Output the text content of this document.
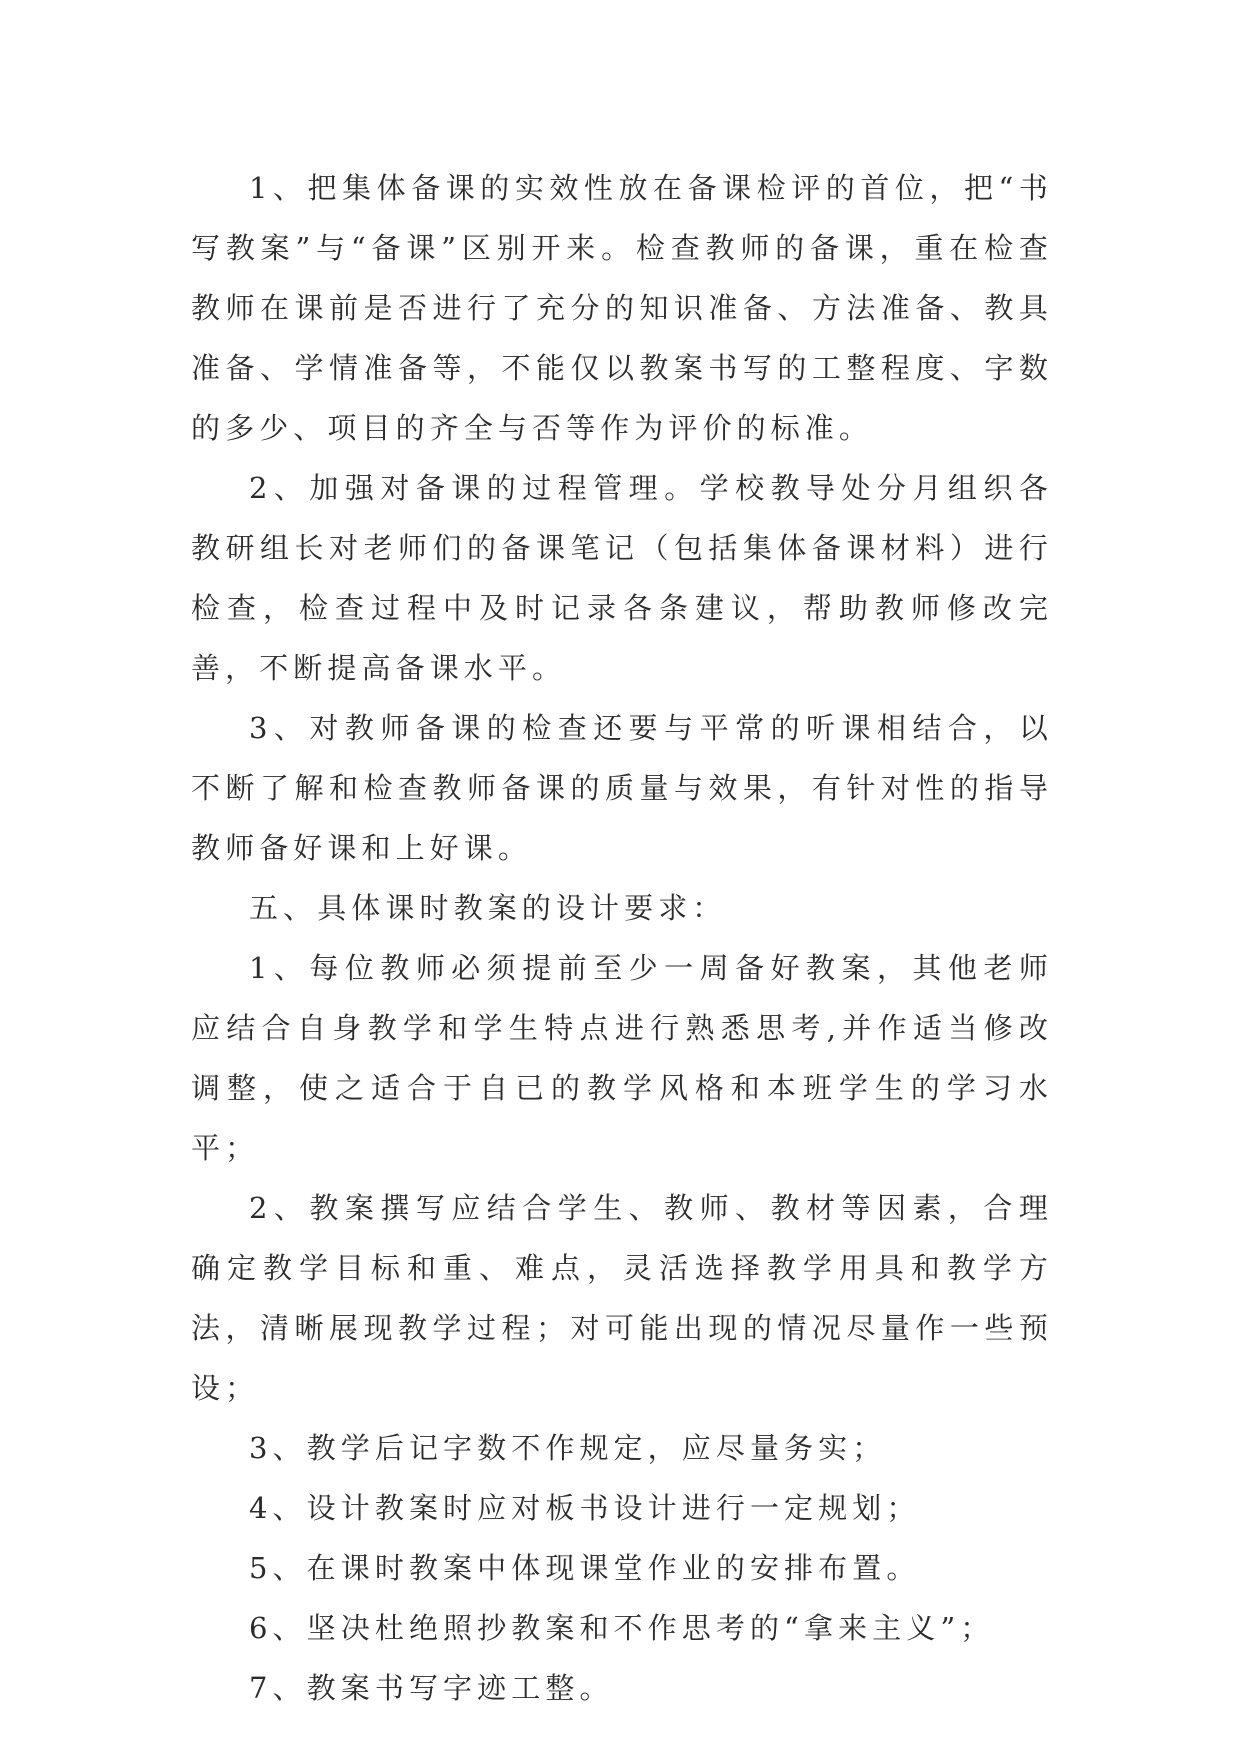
1、把集体备课的实效性放在备课检评的首位，把“书写教案”与“备课”区别开来。检查教师的备课，重在检查教师在课前是否进行了充分的知识准备、方法准备、教具准备、学情准备等，不能仅以教案书写的工整程度、字数的多少、项目的齐全与否等作为评价的标准。

2、加强对备课的过程管理。学校教导处分月组织各教研组长对老师们的备课笔记（包括集体备课材料）进行检查，检查过程中及时记录各条建议，帮助教师修改完善，不断提高备课水平。

3、对教师备课的检查还要与平常的听课相结合，以不断了解和检查教师备课的质量与效果，有针对性的指导教师备好课和上好课。

五、具体课时教案的设计要求：

1、每位教师必须提前至少一周备好教案，其他老师应结合自身教学和学生特点进行熟悉思考,并作适当修改调整，使之适合于自已的教学风格和本班学生的学习水平；

2、教案撰写应结合学生、教师、教材等因素，合理确定教学目标和重、难点，灵活选择教学用具和教学方法，清晰展现教学过程；对可能出现的情况尽量作一些预设；

3、教学后记字数不作规定，应尽量务实；

4、设计教案时应对板书设计进行一定规划；

5、在课时教案中体现课堂作业的安排布置。

6、坚决杜绝照抄教案和不作思考的“拿来主义”；

7、教案书写字迹工整。
